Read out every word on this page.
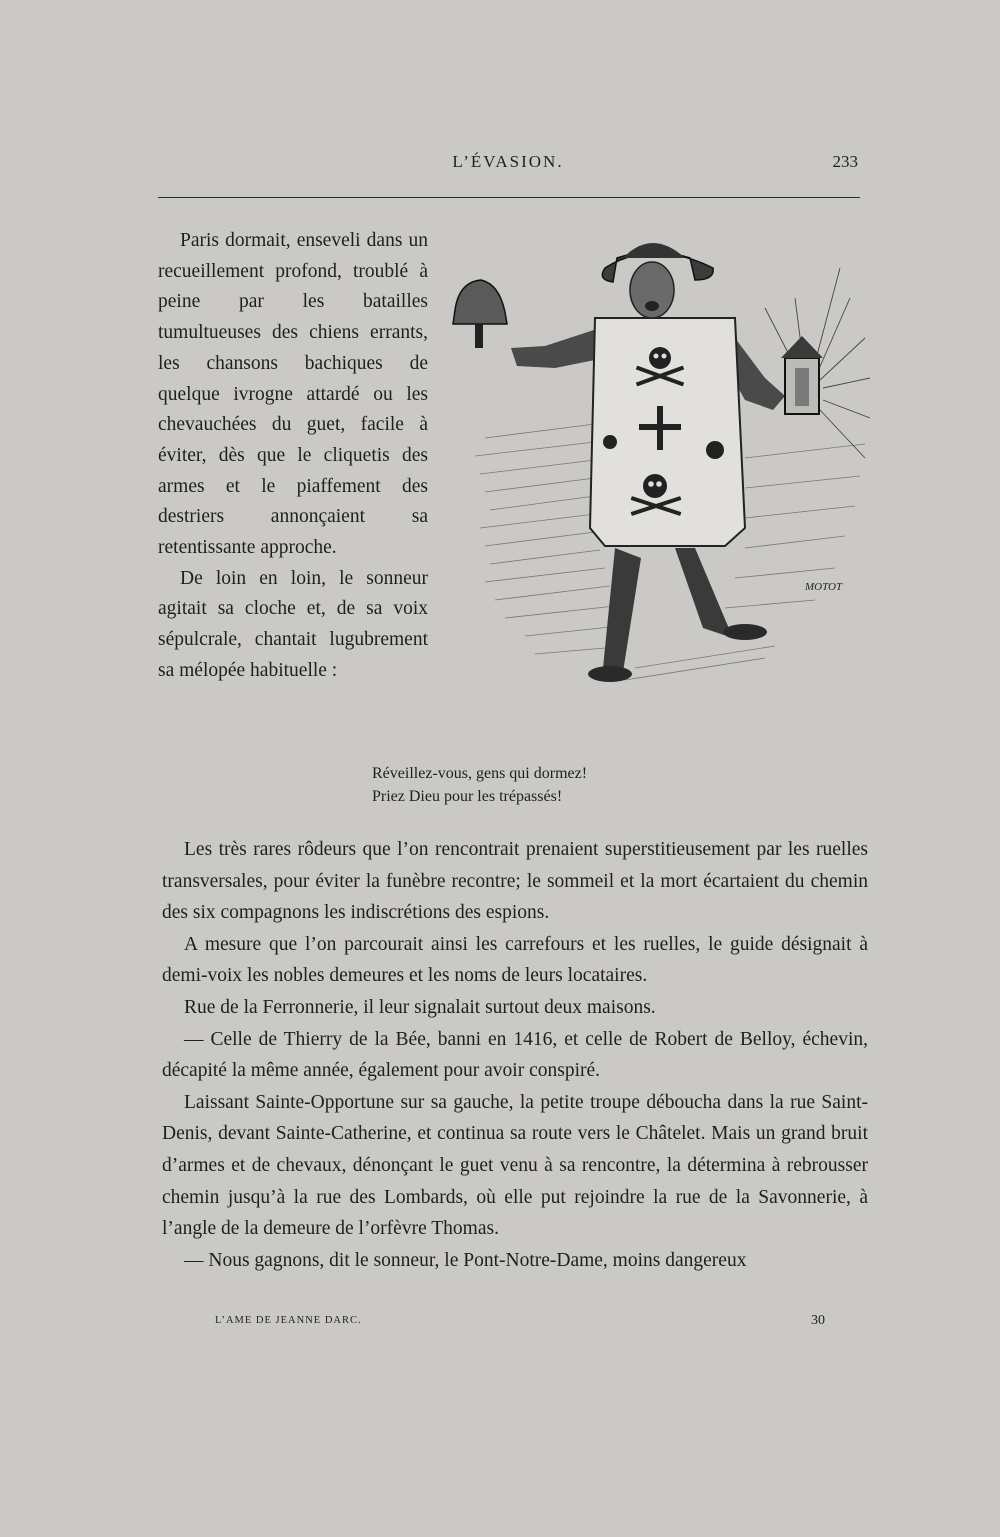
L’ÉVASION.	233

Paris dormait, enseveli dans un recueillement profond, troublé à peine par les batailles tumultueuses des chiens errants, les chansons bachiques de quelque ivrogne attardé ou les chevauchées du guet, facile à éviter, dès que le cliquetis des armes et le piaffement des destriers annonçaient sa retentissante approche.

De loin en loin, le sonneur agitait sa cloche et, de sa voix sépulcrale, chantait lugubrement sa mélopée habituelle :

MOTOT
Réveillez-vous, gens qui dormez!
Priez Dieu pour les trépassés!

Les très rares rôdeurs que l’on rencontrait prenaient superstitieusement par les ruelles transversales, pour éviter la funèbre recontre; le sommeil et la mort écartaient du chemin des six compagnons les indiscrétions des espions.

A mesure que l’on parcourait ainsi les carrefours et les ruelles, le guide désignait à demi-voix les nobles demeures et les noms de leurs locataires.

Rue de la Ferronnerie, il leur signalait surtout deux maisons.

— Celle de Thierry de la Bée, banni en 1416, et celle de Robert de Belloy, échevin, décapité la même année, également pour avoir conspiré.

Laissant Sainte-Opportune sur sa gauche, la petite troupe déboucha dans la rue Saint-Denis, devant Sainte-Catherine, et continua sa route vers le Châtelet. Mais un grand bruit d’armes et de chevaux, dénonçant le guet venu à sa rencontre, la détermina à rebrousser chemin jusqu’à la rue des Lombards, où elle put rejoindre la rue de la Savonnerie, à l’angle de la demeure de l’orfèvre Thomas.

— Nous gagnons, dit le sonneur, le Pont-Notre-Dame, moins dangereux

L’AME DE JEANNE DARC.	30
